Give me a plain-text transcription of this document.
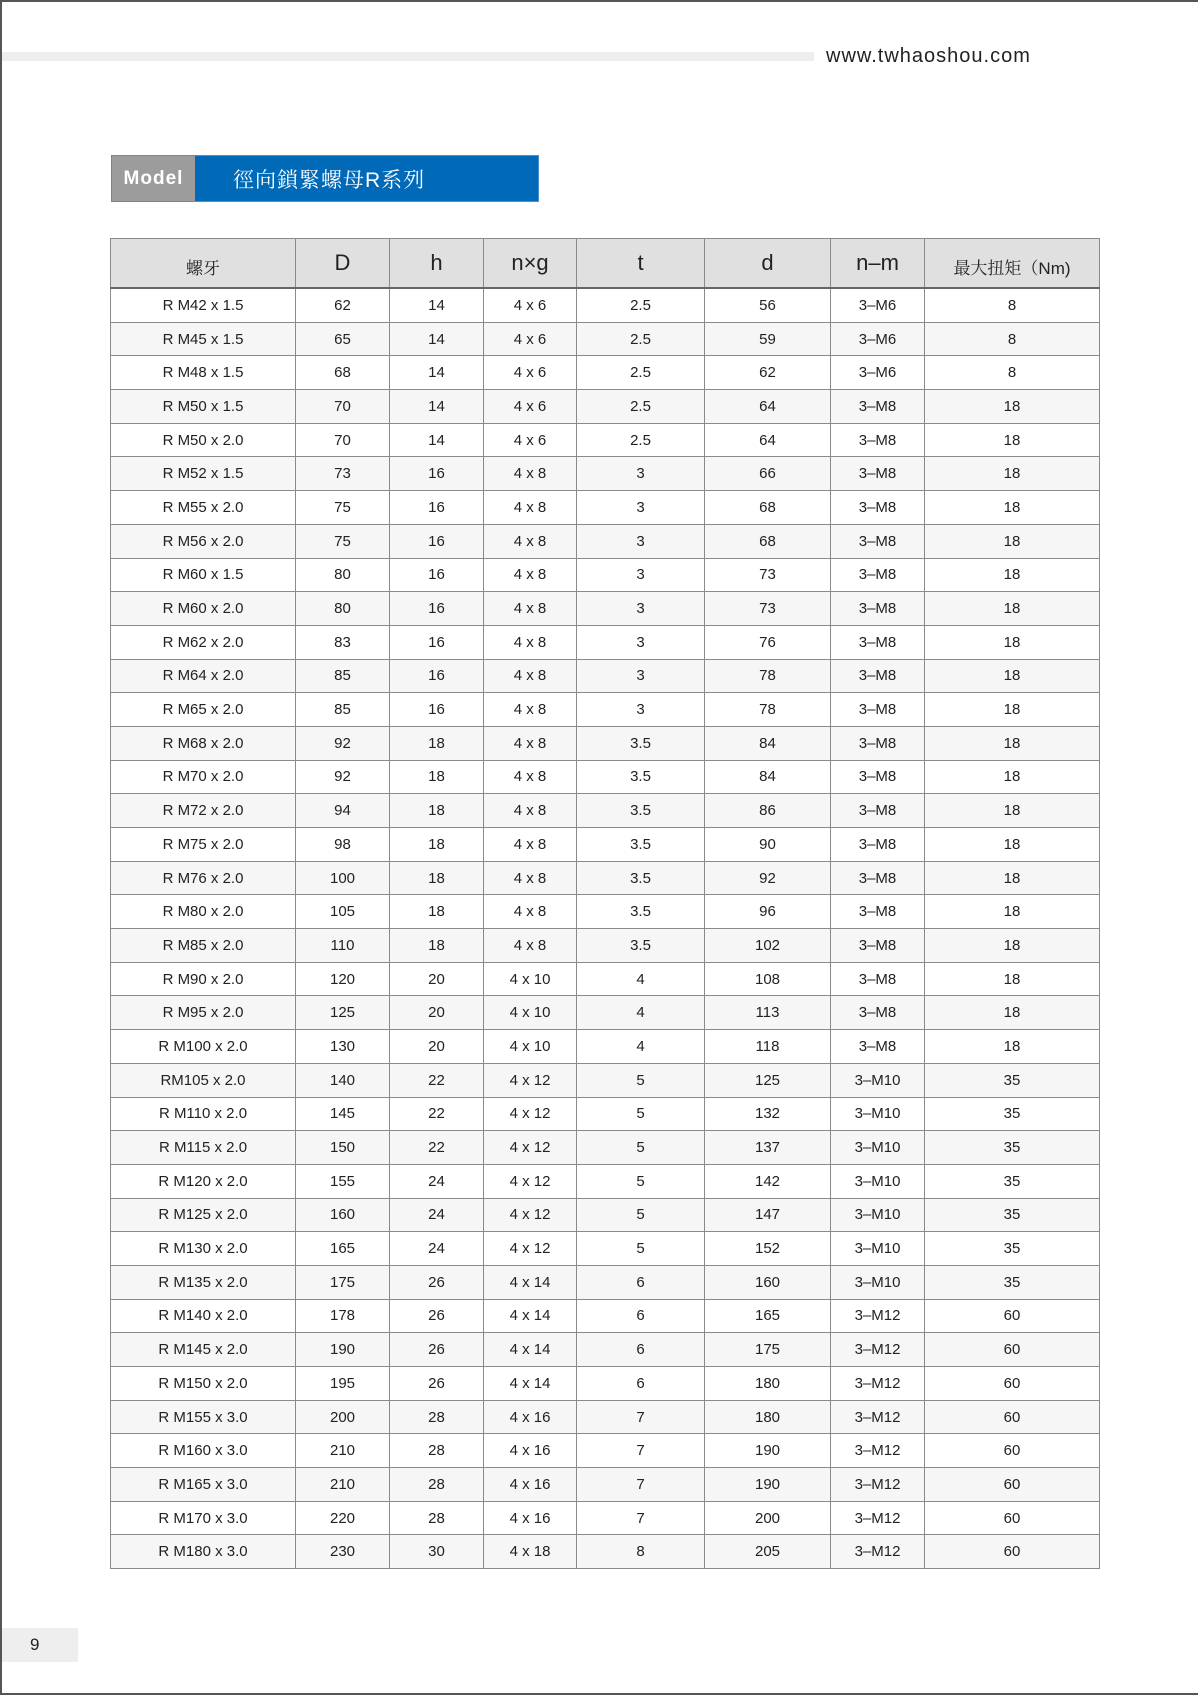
www.twhaoshou.com
Model	徑向鎖緊螺母R系列
螺牙	D	h	n×g	t	d	n–m	最大扭矩（Nm)
R M42 x 1.5	62	14	4 x 6	2.5	56	3–M6	8
R M45 x 1.5	65	14	4 x 6	2.5	59	3–M6	8
R M48 x 1.5	68	14	4 x 6	2.5	62	3–M6	8
R M50 x 1.5	70	14	4 x 6	2.5	64	3–M8	18
R M50 x 2.0	70	14	4 x 6	2.5	64	3–M8	18
R M52 x 1.5	73	16	4 x 8	3	66	3–M8	18
R M55 x 2.0	75	16	4 x 8	3	68	3–M8	18
R M56 x 2.0	75	16	4 x 8	3	68	3–M8	18
R M60 x 1.5	80	16	4 x 8	3	73	3–M8	18
R M60 x 2.0	80	16	4 x 8	3	73	3–M8	18
R M62 x 2.0	83	16	4 x 8	3	76	3–M8	18
R M64 x 2.0	85	16	4 x 8	3	78	3–M8	18
R M65 x 2.0	85	16	4 x 8	3	78	3–M8	18
R M68 x 2.0	92	18	4 x 8	3.5	84	3–M8	18
R M70 x 2.0	92	18	4 x 8	3.5	84	3–M8	18
R M72 x 2.0	94	18	4 x 8	3.5	86	3–M8	18
R M75 x 2.0	98	18	4 x 8	3.5	90	3–M8	18
R M76 x 2.0	100	18	4 x 8	3.5	92	3–M8	18
R M80 x 2.0	105	18	4 x 8	3.5	96	3–M8	18
R M85 x 2.0	110	18	4 x 8	3.5	102	3–M8	18
R M90 x 2.0	120	20	4 x 10	4	108	3–M8	18
R M95 x 2.0	125	20	4 x 10	4	113	3–M8	18
R M100 x 2.0	130	20	4 x 10	4	118	3–M8	18
RM105 x 2.0	140	22	4 x 12	5	125	3–M10	35
R M110 x 2.0	145	22	4 x 12	5	132	3–M10	35
R M115 x 2.0	150	22	4 x 12	5	137	3–M10	35
R M120 x 2.0	155	24	4 x 12	5	142	3–M10	35
R M125 x 2.0	160	24	4 x 12	5	147	3–M10	35
R M130 x 2.0	165	24	4 x 12	5	152	3–M10	35
R M135 x 2.0	175	26	4 x 14	6	160	3–M10	35
R M140 x 2.0	178	26	4 x 14	6	165	3–M12	60
R M145 x 2.0	190	26	4 x 14	6	175	3–M12	60
R M150 x 2.0	195	26	4 x 14	6	180	3–M12	60
R M155 x 3.0	200	28	4 x 16	7	180	3–M12	60
R M160 x 3.0	210	28	4 x 16	7	190	3–M12	60
R M165 x 3.0	210	28	4 x 16	7	190	3–M12	60
R M170 x 3.0	220	28	4 x 16	7	200	3–M12	60
R M180 x 3.0	230	30	4 x 18	8	205	3–M12	60
9
